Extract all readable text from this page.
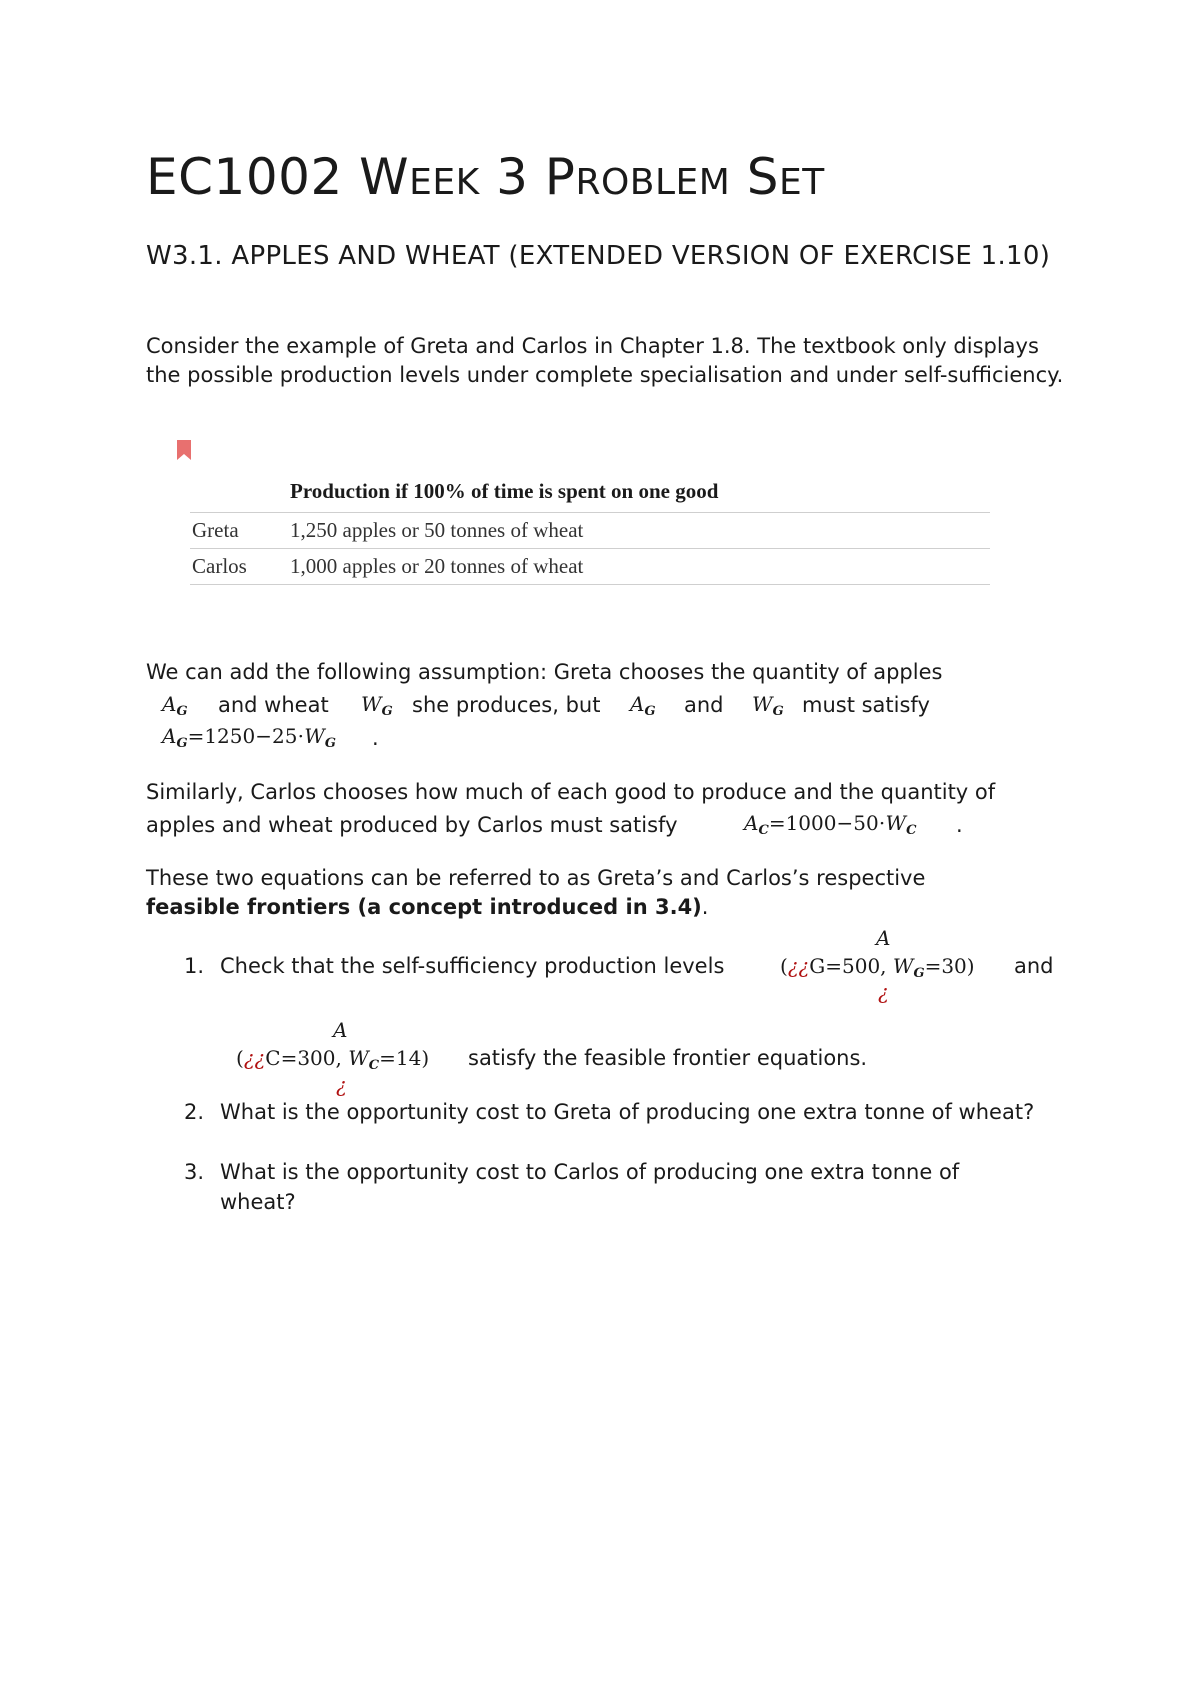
EC1002 WEEK 3 PROBLEM SET
W3.1. APPLES AND WHEAT (EXTENDED VERSION OF EXERCISE 1.10)

Consider the example of Greta and Carlos in Chapter 1.8. The textbook only displays the possible production levels under complete specialisation and under self-sufficiency.

Production if 100% of time is spent on one good
Greta 1,250 apples or 50 tonnes of wheat
Carlos 1,000 apples or 20 tonnes of wheat
We can add the following assumption: Greta chooses the quantity of apples
$A_G$ and wheat $W_G$ she produces, but $A_G$ and $W_G$ must satisfy
$A_G=1250-25\cdot W_G$ .
Similarly, Carlos chooses how much of each good to produce and the quantity of
apples and wheat produced by Carlos must satisfy	$A_C=1000-50\cdot W_C$ .
These two equations can be referred to as Greta’s and Carlos’s respective
feasible frontiers (a concept introduced in 3.4).
1. Check that the self-sufficiency production levels
A
(¿¿G=500, $W_G=30$)
¿
and
A
(¿¿C=300, $W_C=14$)
¿
satisfy the feasible frontier equations.
2. What is the opportunity cost to Greta of producing one extra tonne of wheat?
3. What is the opportunity cost to Carlos of producing one extra tonne of wheat?
